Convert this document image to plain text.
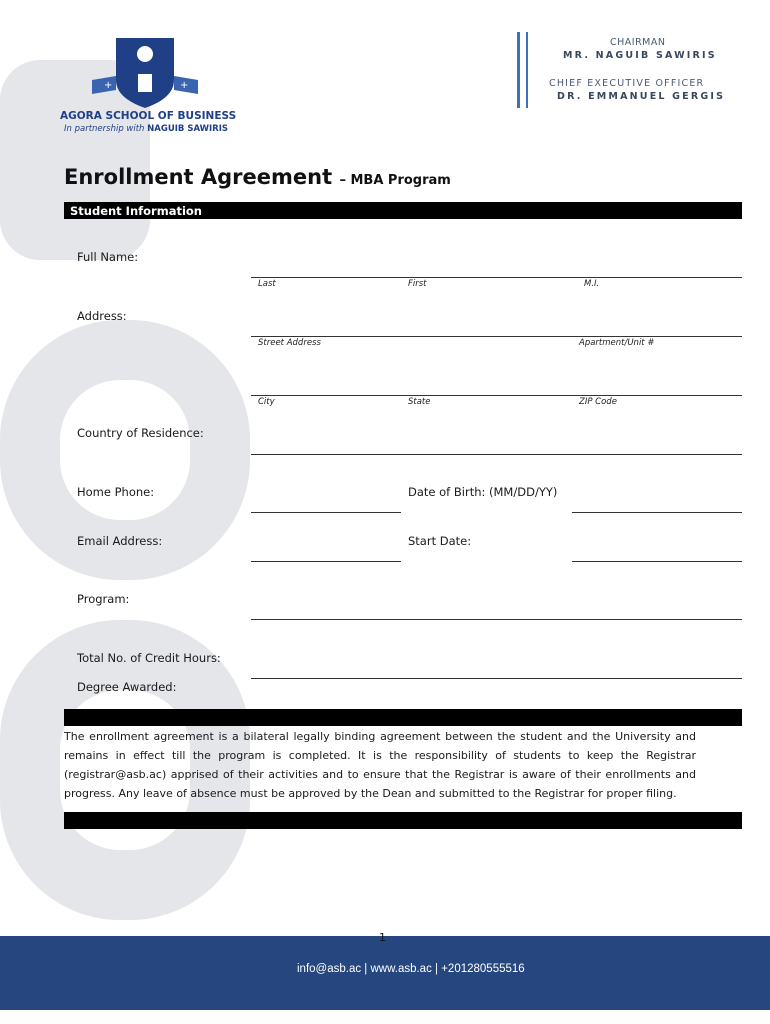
+	+
AGORA SCHOOL OF BUSINESS
In partnership with NAGUIB SAWIRIS
CHAIRMAN
MR. NAGUIB SAWIRIS
CHIEF EXECUTIVE OFFICER
DR. EMMANUEL GERGIS
Enrollment Agreement – MBA Program
Student Information
Full Name:
Last	First	M.I.
Address:
Street Address	Apartment/Unit #
City	State	ZIP Code
Country of Residence:
Home Phone:	Date of Birth: (MM/DD/YY)
Email Address:	Start Date:
Program:
Total No. of Credit Hours:
Degree Awarded:
The enrollment agreement is a bilateral legally binding agreement between the student and the University and remains in effect till the program is completed. It is the responsibility of students to keep the Registrar (registrar@asb.ac) apprised of their activities and to ensure that the Registrar is aware of their enrollments and progress. Any leave of absence must be approved by the Dean and submitted to the Registrar for proper filing.
1
info@asb.ac | www.asb.ac | +201280555516
